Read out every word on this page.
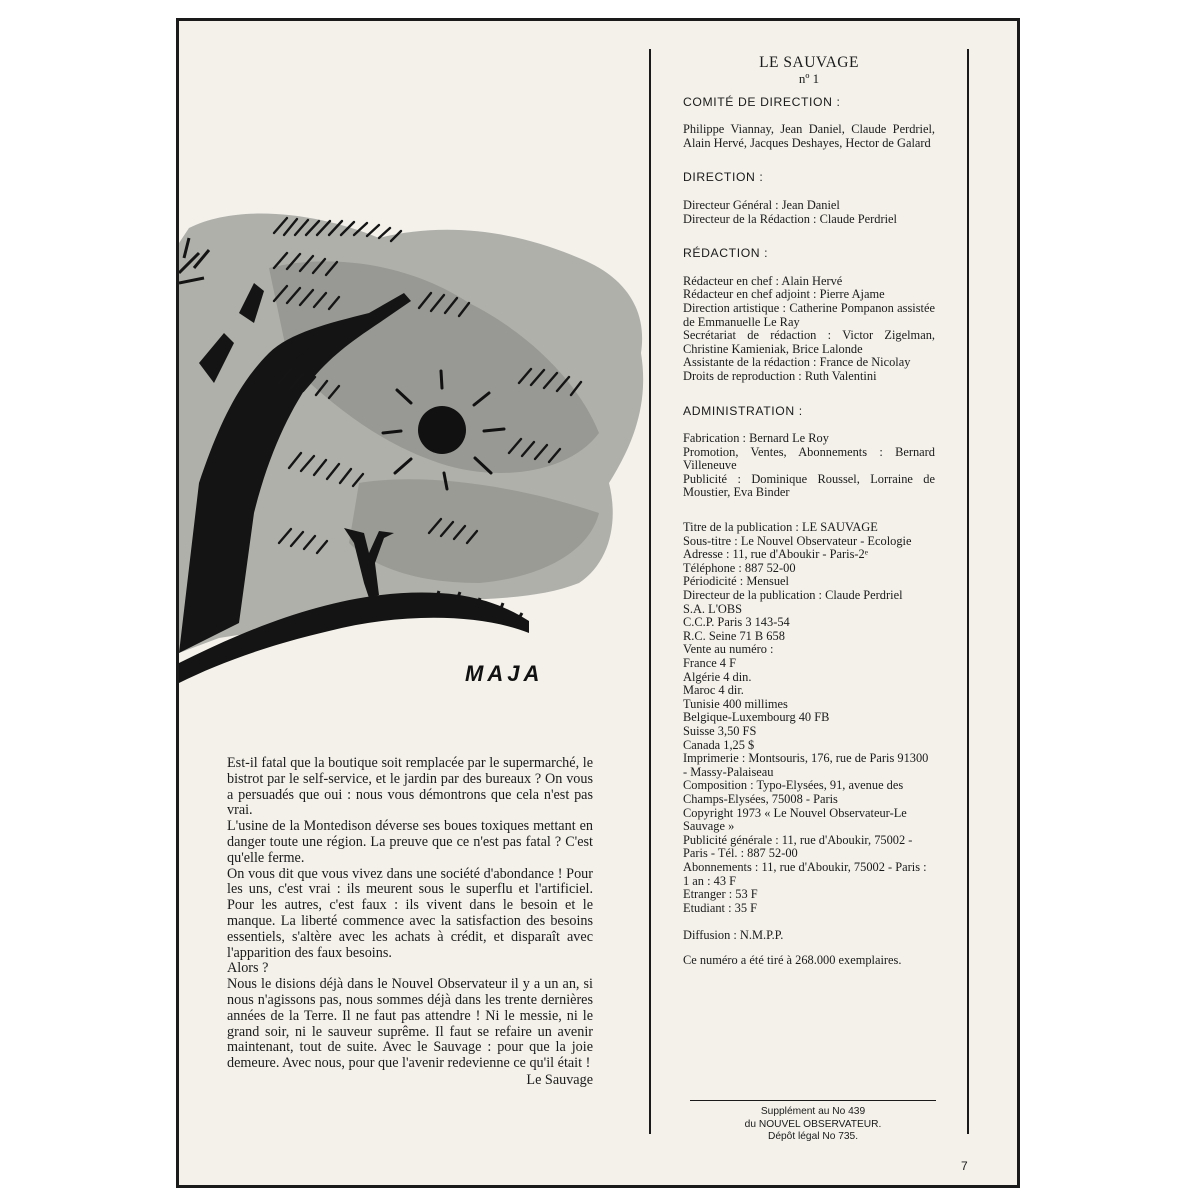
MAJA

Est-il fatal que la boutique soit remplacée par le supermarché, le bistrot par le self-service, et le jardin par des bureaux ? On vous a persuadés que oui : nous vous démontrons que cela n'est pas vrai.

L'usine de la Montedison déverse ses boues toxiques mettant en danger toute une région. La preuve que ce n'est pas fatal ? C'est qu'elle ferme.

On vous dit que vous vivez dans une société d'abondance ! Pour les uns, c'est vrai : ils meurent sous le superflu et l'artificiel. Pour les autres, c'est faux : ils vivent dans le besoin et le manque. La liberté commence avec la satisfaction des besoins essentiels, s'altère avec les achats à crédit, et disparaît avec l'apparition des faux besoins.

Alors ?

Nous le disions déjà dans le Nouvel Observateur il y a un an, si nous n'agissons pas, nous sommes déjà dans les trente dernières années de la Terre. Il ne faut pas attendre ! Ni le messie, ni le grand soir, ni le sauveur suprême. Il faut se refaire un avenir maintenant, tout de suite. Avec le Sauvage : pour que la joie demeure. Avec nous, pour que l'avenir redevienne ce qu'il était !

Le Sauvage

LE SAUVAGE
nº 1
COMITÉ DE DIRECTION :
Philippe Viannay, Jean Daniel, Claude Perdriel, Alain Hervé, Jacques Deshayes, Hector de Galard
DIRECTION :
Directeur Général : Jean Daniel
Directeur de la Rédaction : Claude Perdriel
RÉDACTION :
Rédacteur en chef : Alain Hervé
Rédacteur en chef adjoint : Pierre Ajame
Direction artistique : Catherine Pompanon assistée de Emmanuelle Le Ray
Secrétariat de rédaction : Victor Zigelman, Christine Kamieniak, Brice Lalonde
Assistante de la rédaction : France de Nicolay
Droits de reproduction : Ruth Valentini
ADMINISTRATION :
Fabrication : Bernard Le Roy
Promotion, Ventes, Abonnements : Bernard Villeneuve
Publicité : Dominique Roussel, Lorraine de Moustier, Eva Binder
Titre de la publication : LE SAUVAGE
Sous-titre : Le Nouvel Observateur - Ecologie
Adresse : 11, rue d'Aboukir - Paris-2ᵉ
Téléphone : 887 52-00
Périodicité : Mensuel
Directeur de la publication : Claude Perdriel
S.A. L'OBS
C.C.P. Paris 3 143-54
R.C. Seine 71 B 658
Vente au numéro :
France 4 F
Algérie 4 din.
Maroc 4 dir.
Tunisie 400 millimes
Belgique-Luxembourg 40 FB
Suisse 3,50 FS
Canada 1,25 $
Imprimerie : Montsouris, 176, rue de Paris 91300 - Massy-Palaiseau
Composition : Typo-Elysées, 91, avenue des Champs-Elysées, 75008 - Paris
Copyright 1973 « Le Nouvel Observateur-Le Sauvage »
Publicité générale : 11, rue d'Aboukir, 75002 - Paris - Tél. : 887 52-00
Abonnements : 11, rue d'Aboukir, 75002 - Paris :
1 an : 43 F
Etranger : 53 F
Etudiant : 35 F
Diffusion : N.M.P.P.
Ce numéro a été tiré à 268.000 exemplaires.
Supplément au No 439
du NOUVEL OBSERVATEUR.
Dépôt légal No 735.
7
